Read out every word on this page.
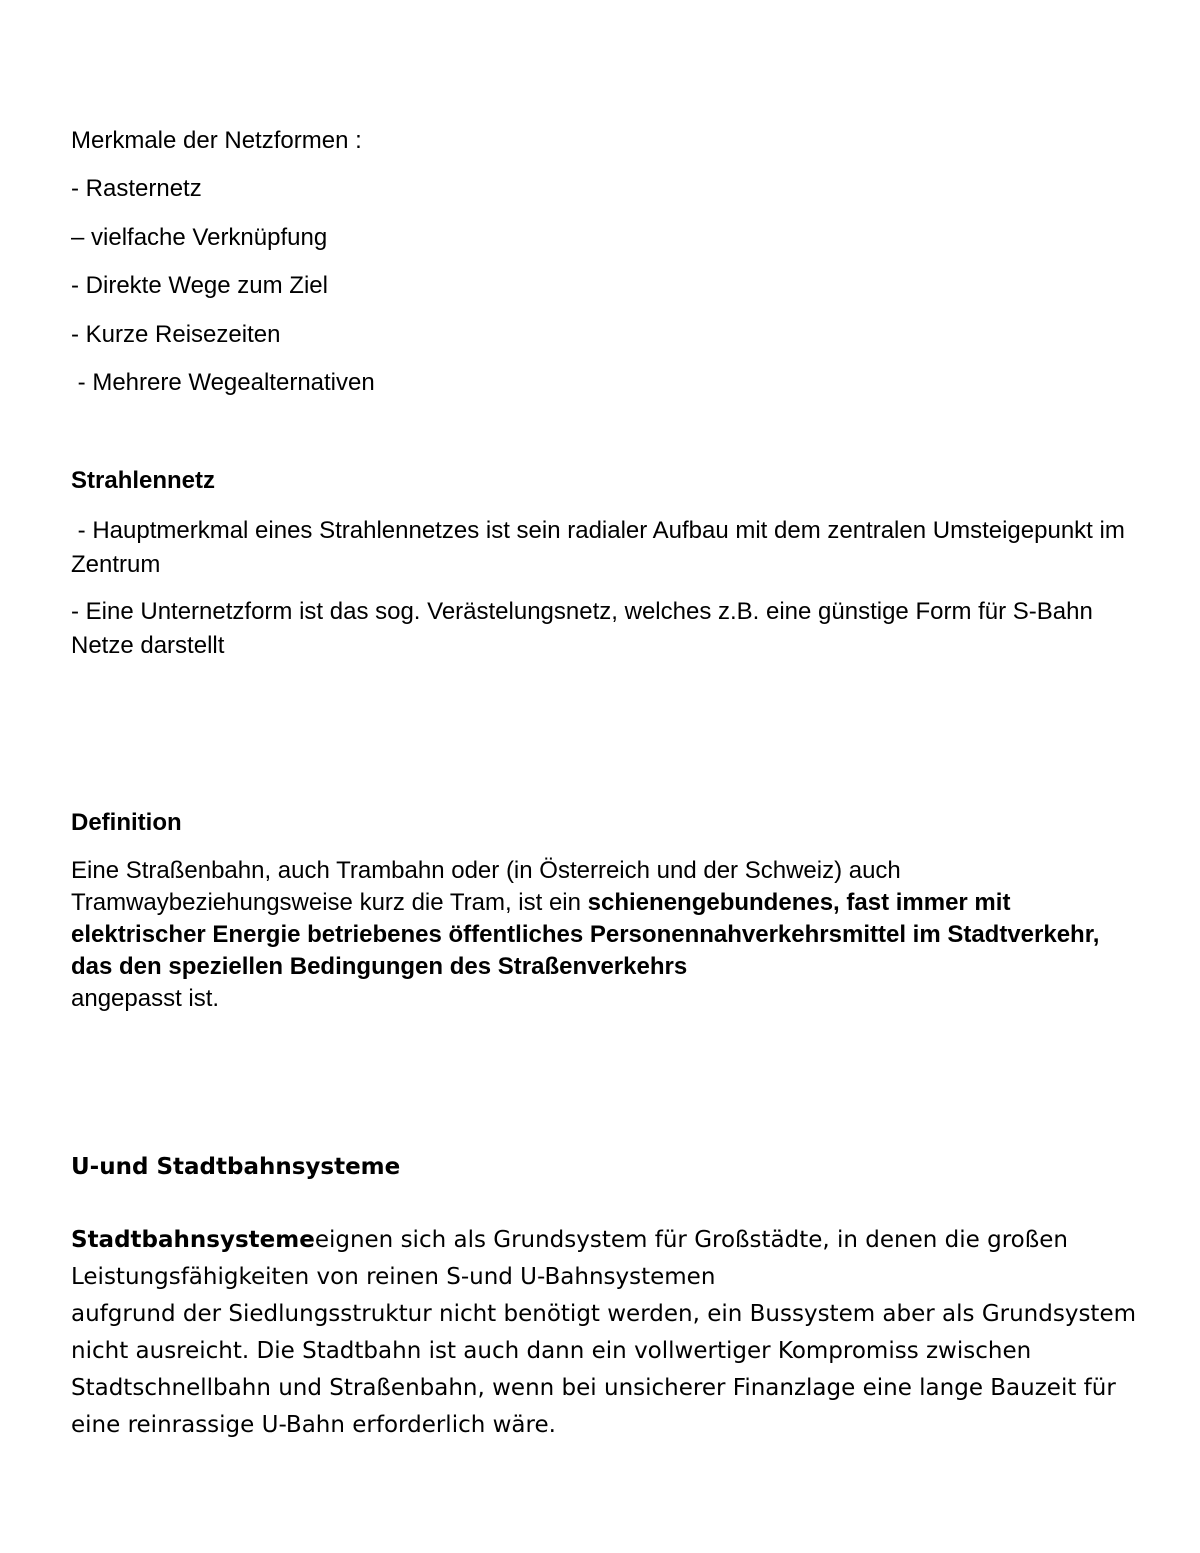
Merkmale der Netzformen :

- Rasternetz

– vielfache Verknüpfung

- Direkte Wege zum Ziel

- Kurze Reisezeiten

- Mehrere Wegealternativen

Strahlennetz

- Hauptmerkmal eines Strahlennetzes ist sein radialer Aufbau mit dem zentralen Umsteigepunkt im Zentrum

- Eine Unternetzform ist das sog. Verästelungsnetz, welches z.B. eine günstige Form für S-Bahn Netze darstellt

Definition

Eine Straßenbahn, auch Trambahn oder (in Österreich und der Schweiz) auch Tramwaybeziehungsweise kurz die Tram, ist ein schienengebundenes, fast immer mit elektrischer Energie betriebenes öffentliches Personennahverkehrsmittel im Stadtverkehr, das den speziellen Bedingungen des Straßenverkehrs
angepasst ist.

U-und Stadtbahnsysteme

Stadtbahnsystemeeignen sich als Grundsystem für Großstädte, in denen die großen Leistungsfähigkeiten von reinen S-und U-Bahnsystemen
aufgrund der Siedlungsstruktur nicht benötigt werden, ein Bussystem aber als Grundsystem nicht ausreicht. Die Stadtbahn ist auch dann ein vollwertiger Kompromiss zwischen Stadtschnellbahn und Straßenbahn, wenn bei unsicherer Finanzlage eine lange Bauzeit für eine reinrassige U-Bahn erforderlich wäre.
